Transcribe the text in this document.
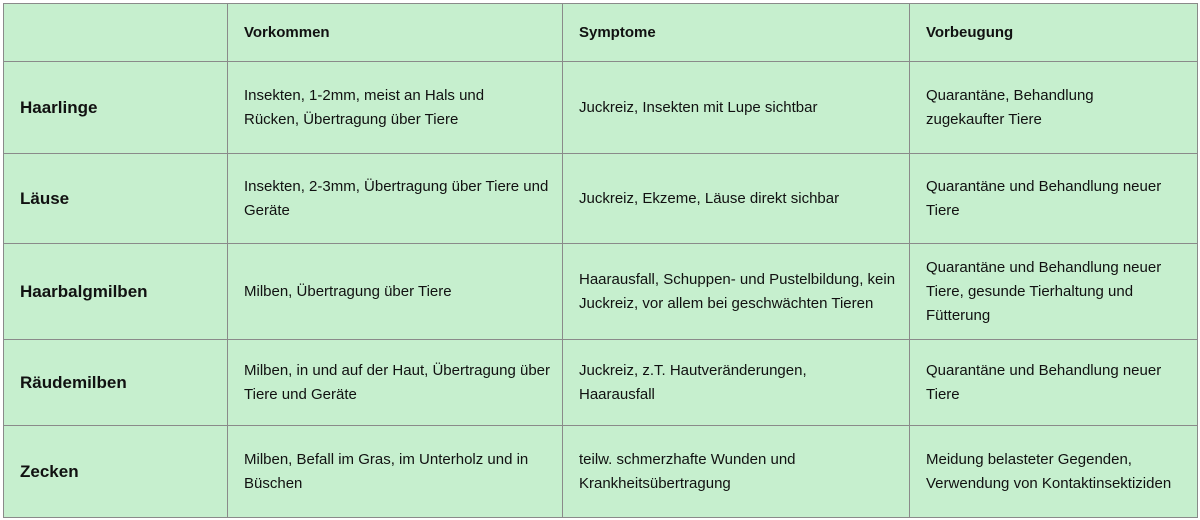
	Vorkommen	Symptome	Vorbeugung
Haarlinge	Insekten, 1-2mm, meist an Hals und Rücken, Übertragung über Tiere	Juckreiz, Insekten mit Lupe sichtbar	Quarantäne, Behandlung zugekaufter Tiere
Läuse	Insekten, 2-3mm, Übertragung über Tiere und Geräte	Juckreiz, Ekzeme, Läuse direkt sichbar	Quarantäne und Behandlung neuer Tiere
Haarbalgmilben	Milben, Übertragung über Tiere	Haarausfall, Schuppen- und Pustelbildung, kein Juckreiz, vor allem bei geschwächten Tieren	Quarantäne und Behandlung neuer Tiere, gesunde Tierhaltung und Fütterung
Räudemilben	Milben, in und auf der Haut, Übertragung über Tiere und Geräte	Juckreiz, z.T. Hautveränderungen, Haarausfall	Quarantäne und Behandlung neuer Tiere
Zecken	Milben, Befall im Gras, im Unterholz und in Büschen	teilw. schmerzhafte Wunden und Krankheitsübertragung	Meidung belasteter Gegenden, Verwendung von Kontaktinsektiziden
